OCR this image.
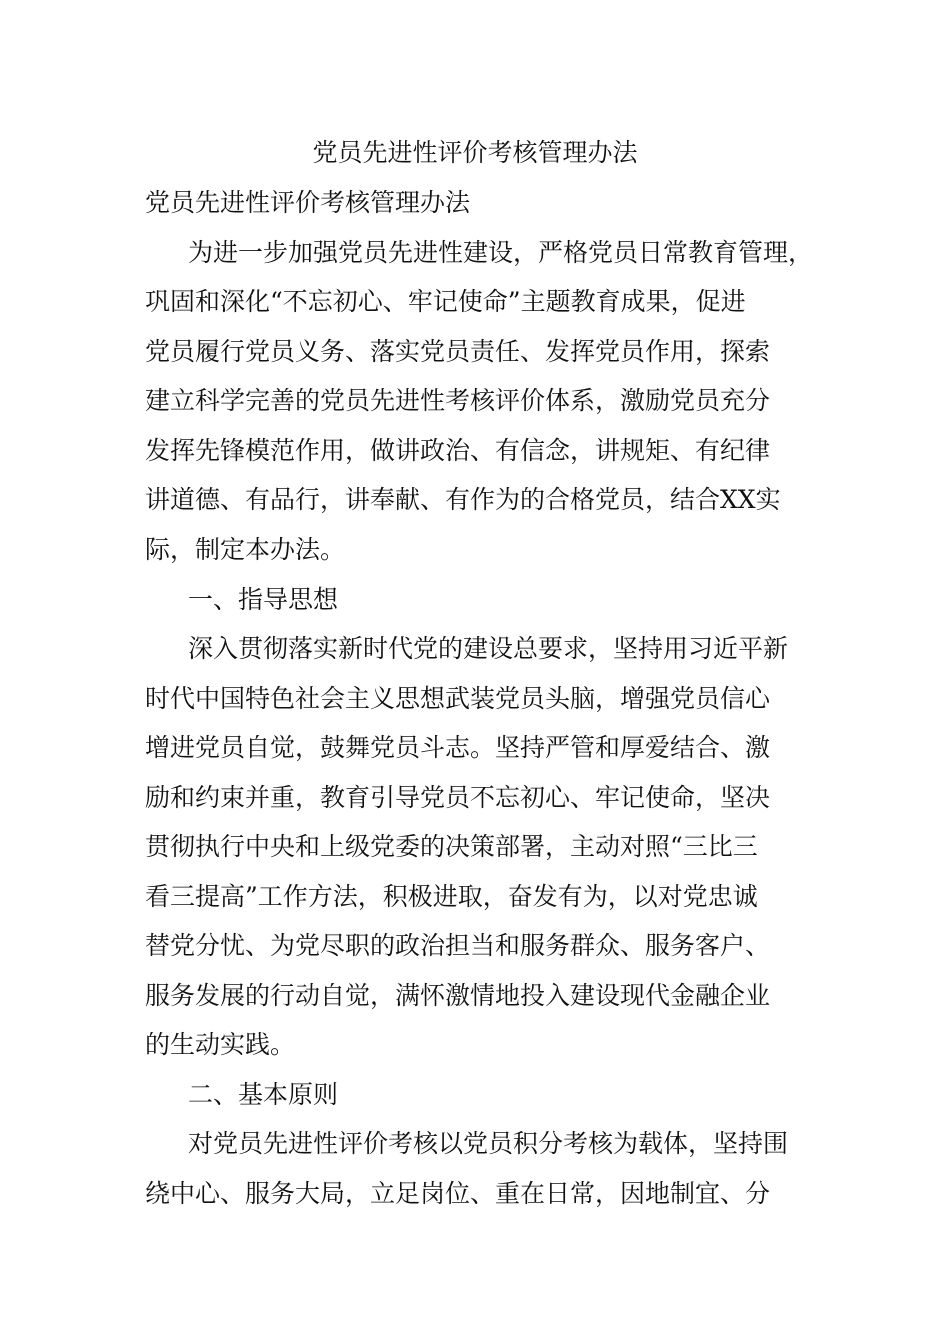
党员先进性评价考核管理办法
党员先进性评价考核管理办法
为进一步加强党员先进性建设，严格党员日常教育管理，
巩固和深化“不忘初心、牢记使命”主题教育成果，促进
党员履行党员义务、落实党员责任、发挥党员作用，探索
建立科学完善的党员先进性考核评价体系，激励党员充分
发挥先锋模范作用，做讲政治、有信念，讲规矩、有纪律
讲道德、有品行，讲奉献、有作为的合格党员，结合XX实
际，制定本办法。
一、指导思想
深入贯彻落实新时代党的建设总要求，坚持用习近平新
时代中国特色社会主义思想武装党员头脑，增强党员信心
增进党员自觉，鼓舞党员斗志。坚持严管和厚爱结合、激
励和约束并重，教育引导党员不忘初心、牢记使命，坚决
贯彻执行中央和上级党委的决策部署，主动对照“三比三
看三提高”工作方法，积极进取，奋发有为，以对党忠诚
替党分忧、为党尽职的政治担当和服务群众、服务客户、
服务发展的行动自觉，满怀激情地投入建设现代金融企业
的生动实践。
二、基本原则
对党员先进性评价考核以党员积分考核为载体，坚持围
绕中心、服务大局，立足岗位、重在日常，因地制宜、分
